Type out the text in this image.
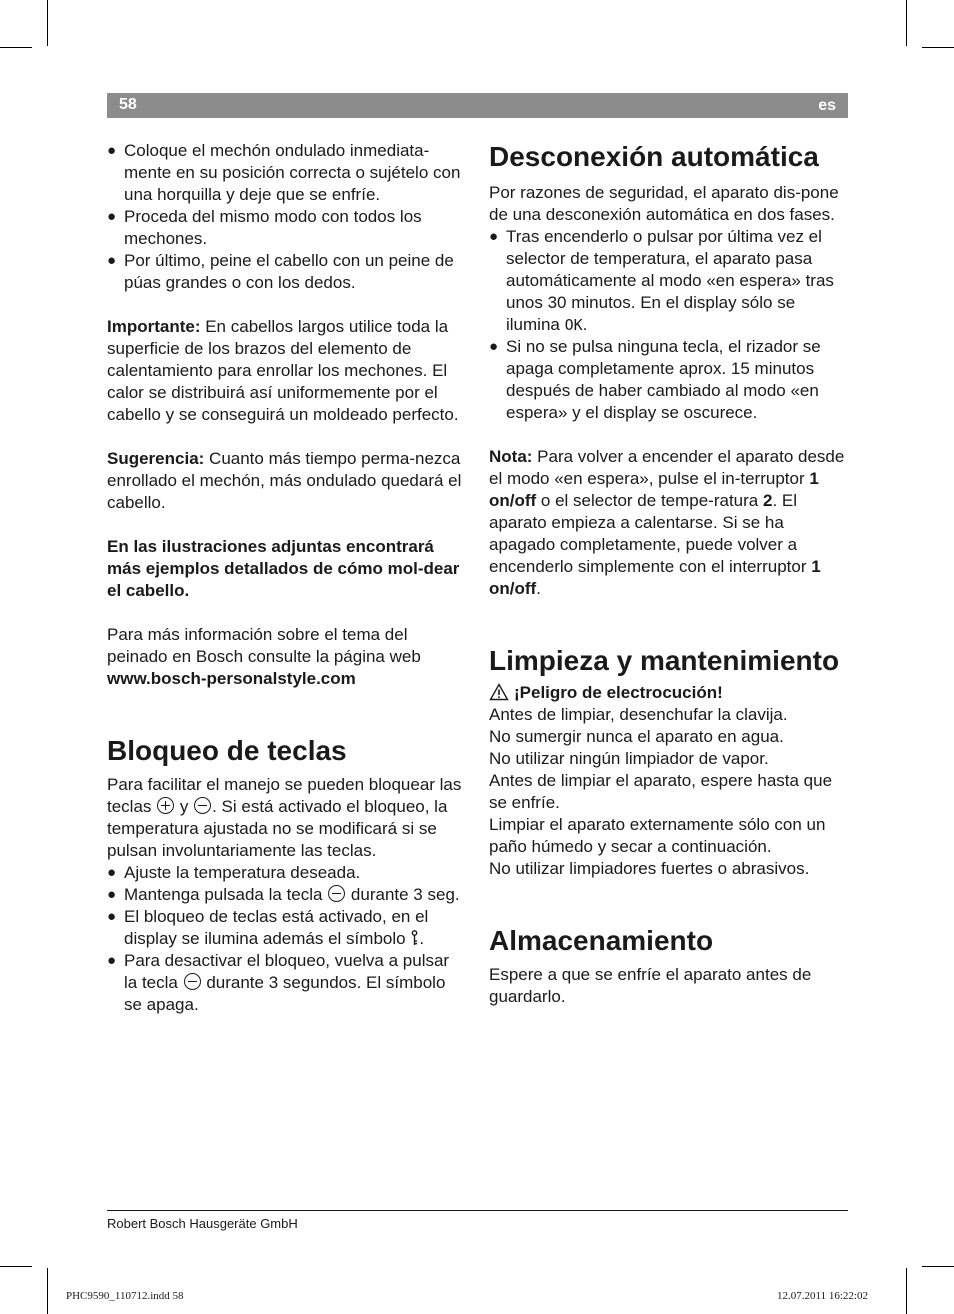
58	es
● Coloque el mechón ondulado inmediata-mente en su posición correcta o sujételo con una horquilla y deje que se enfríe.
● Proceda del mismo modo con todos los mechones.
● Por último, peine el cabello con un peine de púas grandes o con los dedos.

Importante: En cabellos largos utilice toda la superficie de los brazos del elemento de calentamiento para enrollar los mechones. El calor se distribuirá así uniformemente por el cabello y se conseguirá un moldeado perfecto.

Sugerencia: Cuanto más tiempo perma-nezca enrollado el mechón, más ondulado quedará el cabello.

En las ilustraciones adjuntas encontrará más ejemplos detallados de cómo mol-dear el cabello.

Para más información sobre el tema del peinado en Bosch consulte la página web
www.bosch-personalstyle.com

Bloqueo de teclas

Para facilitar el manejo se pueden bloquear las teclas  y . Si está activado el bloqueo, la temperatura ajustada no se modificará si se pulsan involuntariamente las teclas.

● Ajuste la temperatura deseada.
● Mantenga pulsada la tecla  durante 3 seg.
● El bloqueo de teclas está activado, en el display se ilumina además el símbolo .
● Para desactivar el bloqueo, vuelva a pulsar la tecla  durante 3 segundos. El símbolo se apaga.
Desconexión automática

Por razones de seguridad, el aparato dis-pone de una desconexión automática en dos fases.

● Tras encenderlo o pulsar por última vez el selector de temperatura, el aparato pasa automáticamente al modo «en espera» tras unos 30 minutos. En el display sólo se ilumina OK.
● Si no se pulsa ninguna tecla, el rizador se apaga completamente aprox. 15 minutos después de haber cambiado al modo «en espera» y el display se oscurece.

Nota: Para volver a encender el aparato desde el modo «en espera», pulse el in-terruptor 1 on/off o el selector de tempe-ratura 2. El aparato empieza a calentarse. Si se ha apagado completamente, puede volver a encenderlo simplemente con el interruptor 1 on/off.

Limpieza y mantenimiento

¡Peligro de electrocución!

Antes de limpiar, desenchufar la clavija.

No sumergir nunca el aparato en agua.

No utilizar ningún limpiador de vapor.

Antes de limpiar el aparato, espere hasta que se enfríe.

Limpiar el aparato externamente sólo con un paño húmedo y secar a continuación.

No utilizar limpiadores fuertes o abrasivos.

Almacenamiento

Espere a que se enfríe el aparato antes de guardarlo.

Robert Bosch Hausgeräte GmbH
PHC9590_110712.indd 58	12.07.2011 16:22:02
